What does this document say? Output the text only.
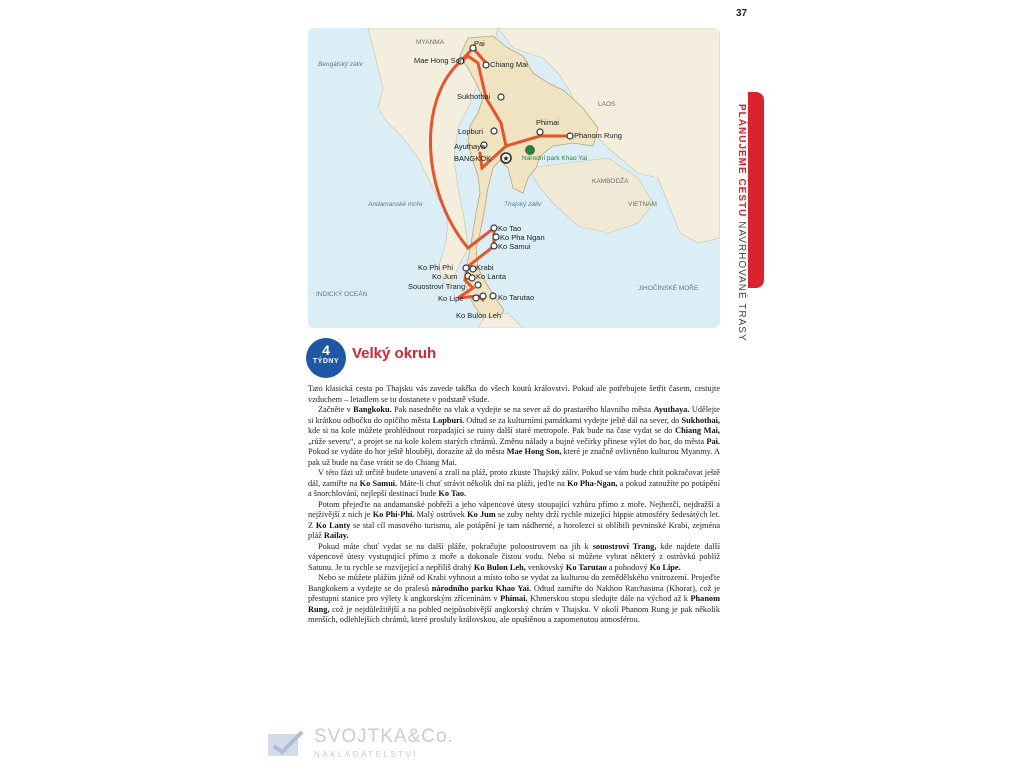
37
★
MYANMA
LAOS
KAMBODŽA
VIETNAM
Bengálský záliv
Andamanské moře	Thajský záliv
INDICKÝ OCEÁN
JIHOČÍNSKÉ MOŘE
Pai
Mae Hong Son	Chiang Mai
Sukhothai
Phimai
Phanom Rung
Lopburi
Ayuthaya
BANGKOK	Národní park Khao Yai
Ko Tao
Ko Pha Ngan
Ko Samui
Ko Phi Phi	Krabi
Ko Jum Ko Lanta
Souostroví Trang
Ko Lipe	Ko Tarutao
Ko Bulon Leh
PLÁNUJEME CESTU NAVRHOVANÉ TRASY
4
TÝDNY Velký okruh

Tato klasická cesta po Thajsku vás zavede takřka do všech koutů království. Pokud ale potřebujete šetřit časem, cestujte vzduchem – letadlem se tu dostanete v podstatě všude.

Začněte v Bangkoku. Pak nasedněte na vlak a vydejte se na sever až do prastarého hlavního města Ayuthaya. Udělejte si krátkou odbočku do opičího města Lopburi. Odtud se za kulturními památkami vydejte ještě dál na sever, do Sukhothai, kde si na kole můžete prohlédnout rozpadající se ruiny další staré metropole. Pak bude na čase vydat se do Chiang Mai, „růže severu“, a projet se na kole kolem starých chrámů. Změnu nálady a bujné večírky přinese výlet do hor, do města Pai. Pokud se vydáte do hor ještě hlouběji, dorazíte až do města Mae Hong Son, které je značně ovlivněno kulturou Myanmy. A pak už bude na čase vrátit se do Chiang Mai.

V této fázi už určitě budete unavení a zralí na pláž, proto zkuste Thajský záliv. Pokud se vám bude chtít pokračovat ještě dál, zamiřte na Ko Samui. Máte-li chuť strávit několik dní na pláži, jeďte na Ko Pha-Ngan, a pokud zatoužíte po potápění a šnorchlování, nejlepší destinací bude Ko Tao.

Potom přejeďte na andamanské pobřeží a jeho vápencové útesy stoupající vzhůru přímo z moře. Nejhezčí, nejdražší a nejživější z nich je Ko Phi-Phi. Malý ostrůvek Ko Jum se zuby nehty drží rychle mizející hippie atmosféry šedesátých let. Z Ko Lanty se stal cíl masového turismu, ale potápění je tam nádherné, a horolezci si oblíbili pevninské Krabi, zejména pláž Railay.

Pokud máte chuť vydat se na další pláže, pokračujte poloostrovem na jih k souostroví Trang, kde najdete další vápencové útesy vystupující přímo z moře a dokonale čistou vodu. Nebo si můžete vybrat některý z ostrůvků poblíž Satunu. Je tu rychle se rozvíjející a nepříliš drahý Ko Bulon Leh, venkovský Ko Tarutao a pohodový Ko Lipe.

Nebo se můžete plážím jižně od Krabi vyhnout a místo toho se vydat za kulturou do zemědělského vnitrozemí. Projeďte Bangkokem a vydejte se do pralesů národního parku Khao Yai. Odtud zamiřte do Nakhon Ratchasima (Khorat), což je přestupní stanice pro výlety k angkorským zříceninám v Phimai. Khmerskou stopu sledujte dále na východ až k Phanom Rung, což je nejdůležitější a na pohled nejpůsobivější angkorský chrám v Thajsku. V okolí Phanom Rung je pak několik menších, odlehlejších chrámů, které prosluly královskou, ale opuštěnou a zapomenutou atmosférou.

SVOJTKA&Co.
NAKLADATELSTVÍ
